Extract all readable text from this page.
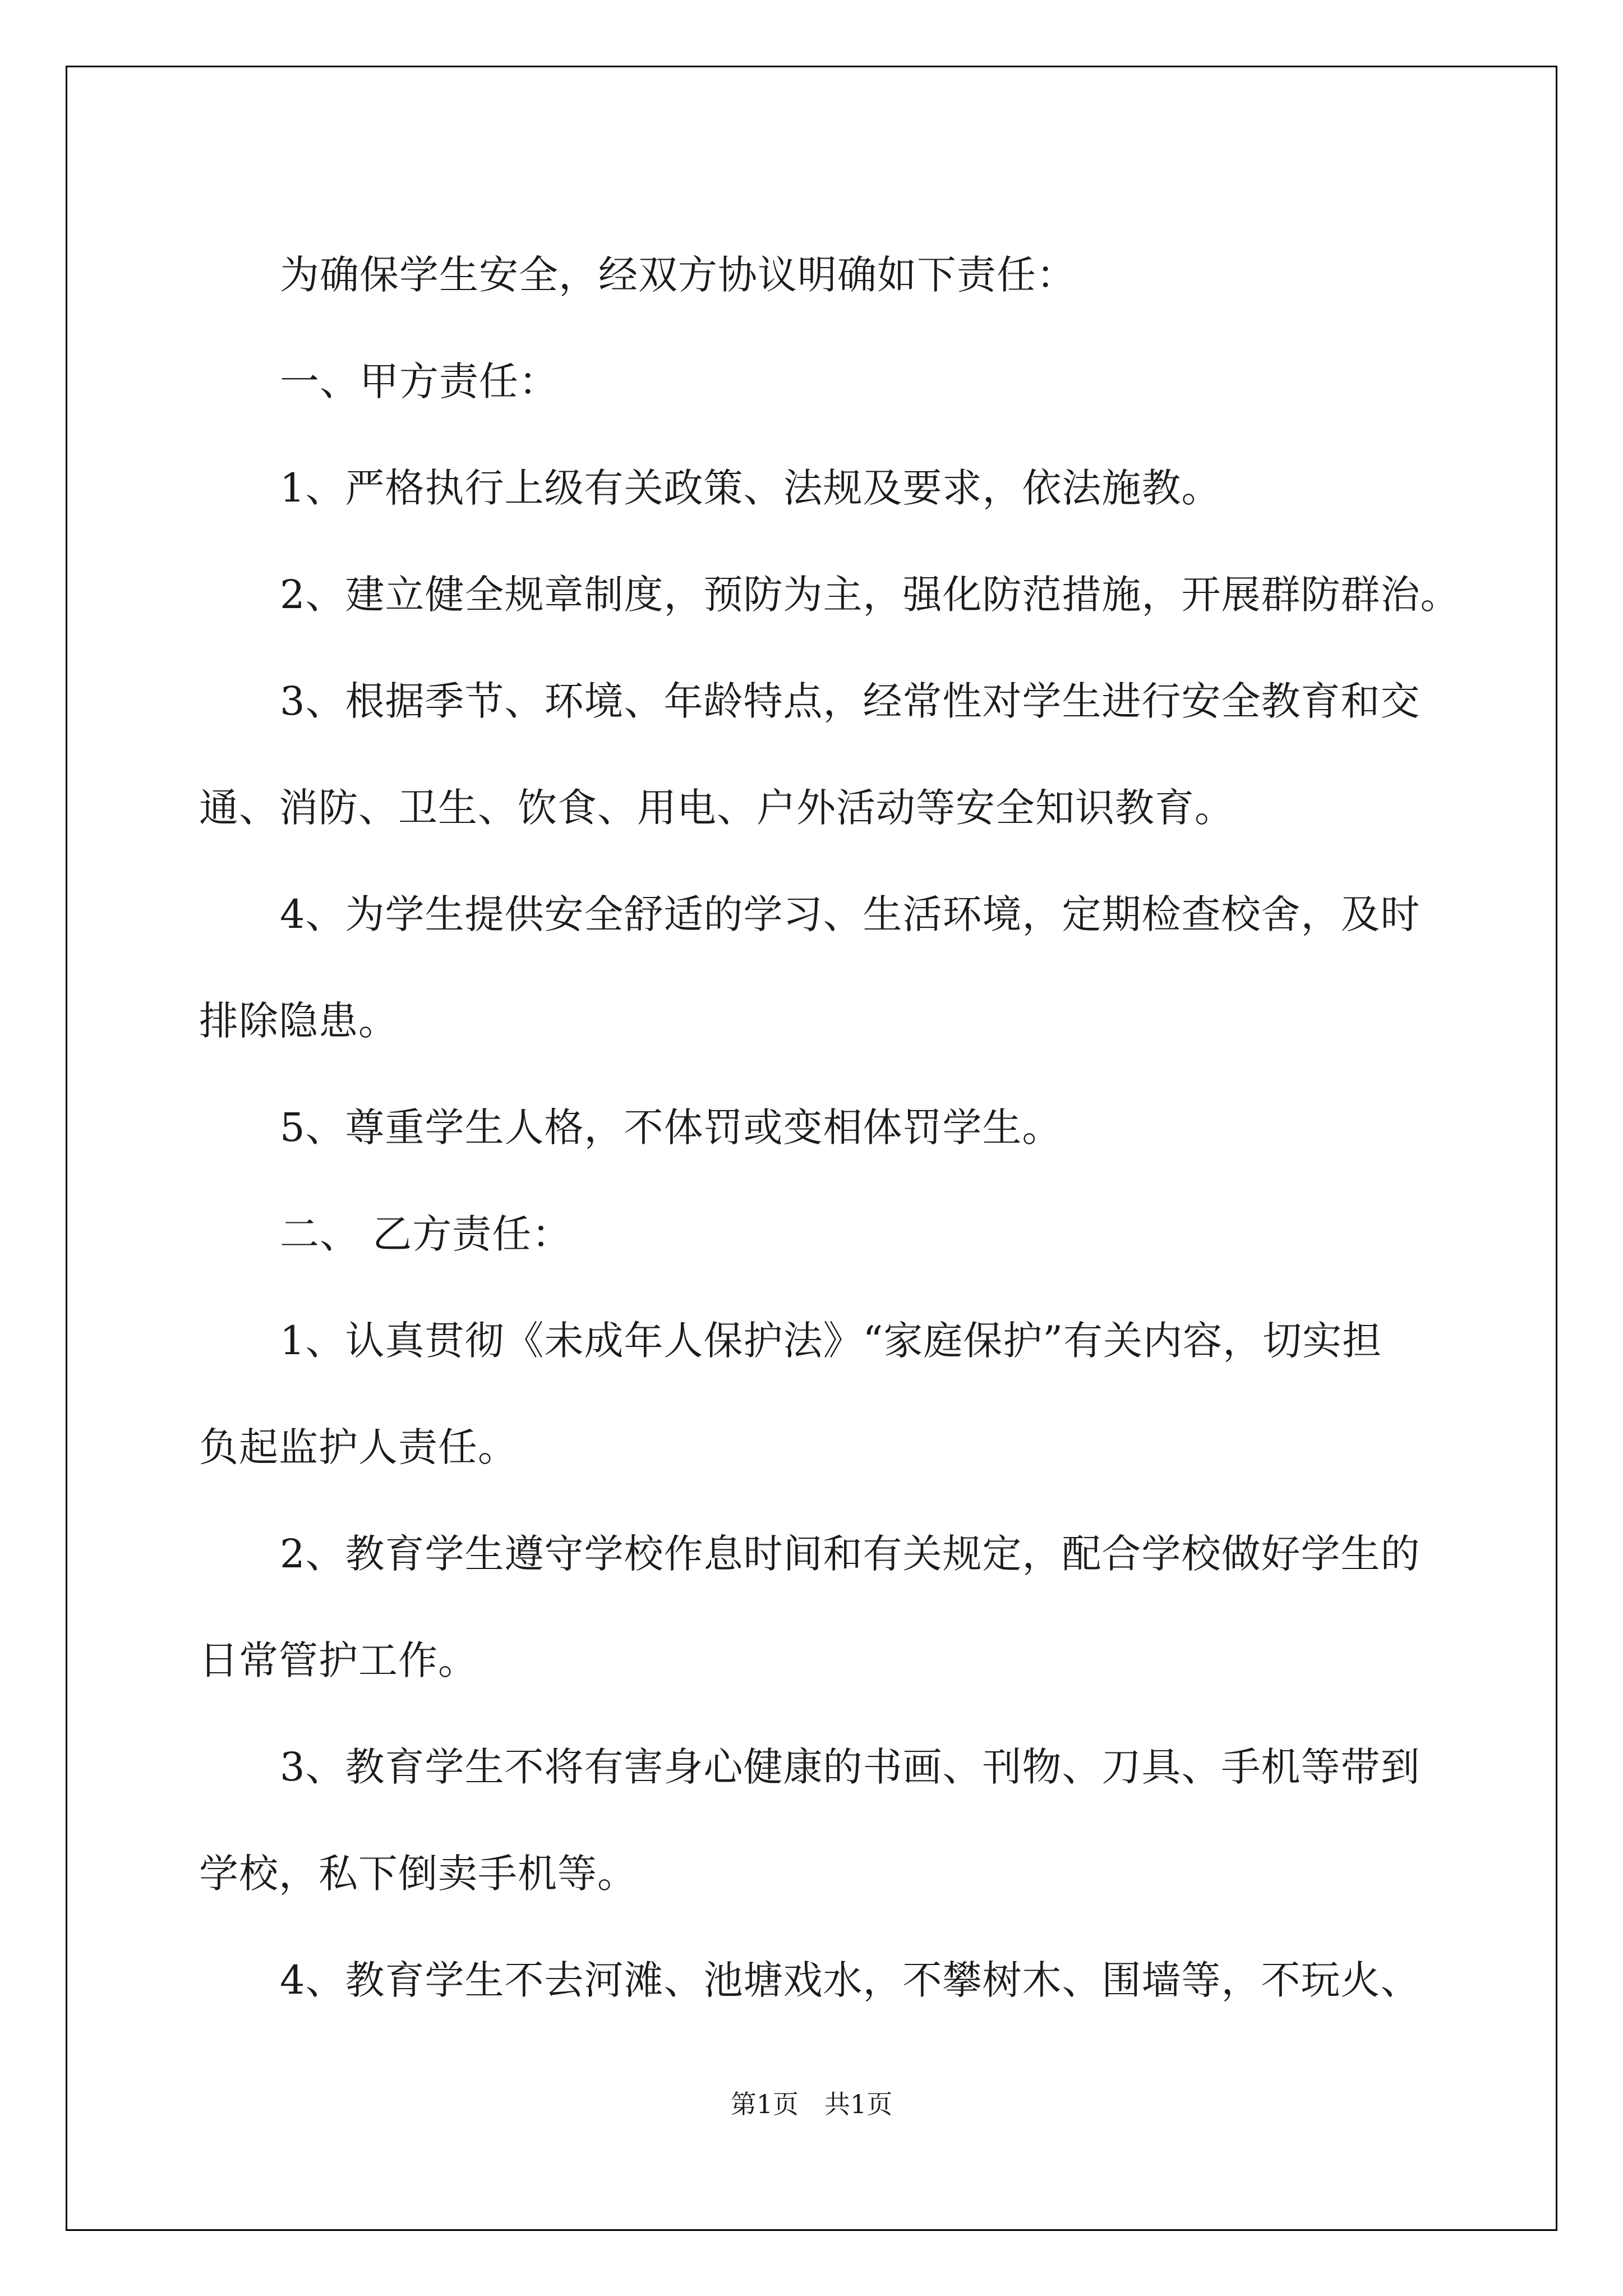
为确保学生安全，经双方协议明确如下责任：

一、甲方责任：

1、严格执行上级有关政策、法规及要求，依法施教。

2、建立健全规章制度，预防为主，强化防范措施，开展群防群治。

3、根据季节、环境、年龄特点，经常性对学生进行安全教育和交

通、消防、卫生、饮食、用电、户外活动等安全知识教育。

4、为学生提供安全舒适的学习、生活环境，定期检查校舍，及时

排除隐患。

5、尊重学生人格，不体罚或变相体罚学生。

二、 乙方责任：

1、认真贯彻《未成年人保护法》“家庭保护”有关内容，切实担

负起监护人责任。

2、教育学生遵守学校作息时间和有关规定，配合学校做好学生的

日常管护工作。

3、教育学生不将有害身心健康的书画、刊物、刀具、手机等带到

学校，私下倒卖手机等。

4、教育学生不去河滩、池塘戏水，不攀树木、围墙等，不玩火、

第1页　共1页
